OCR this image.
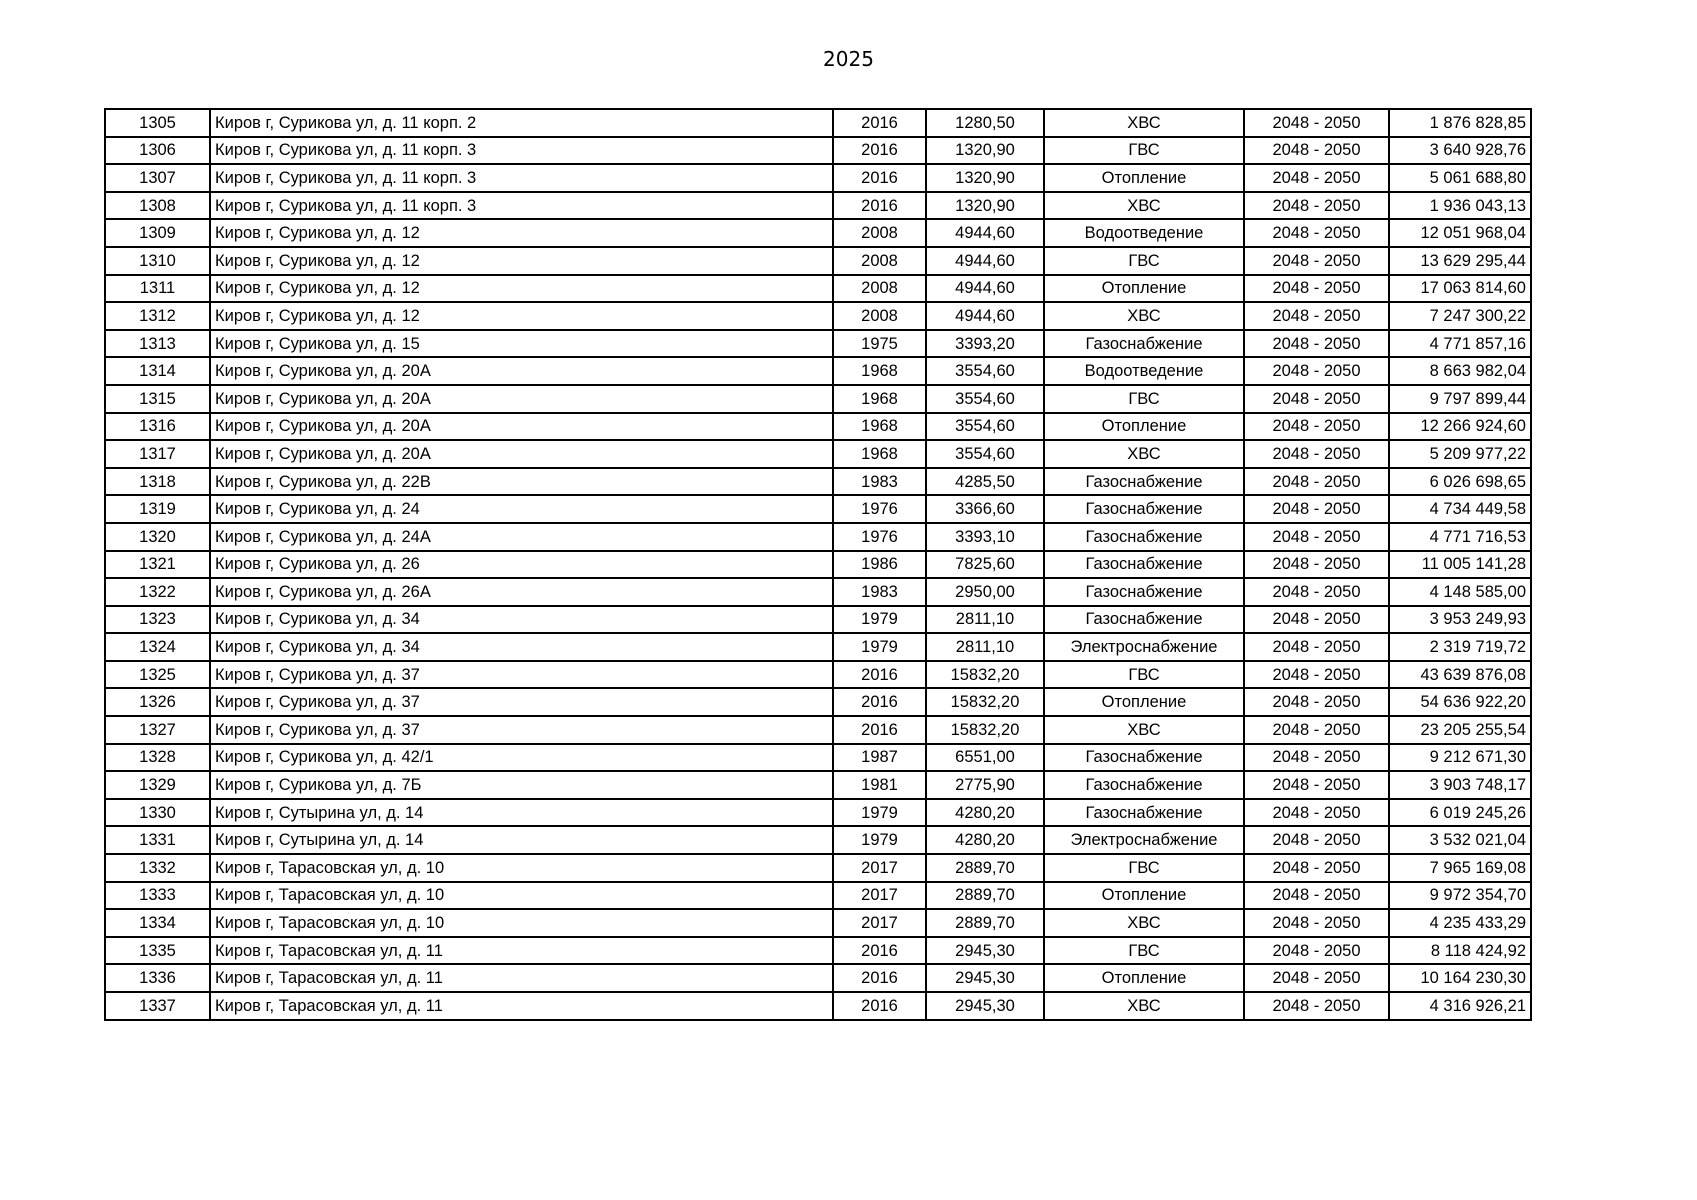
2025
1305	Киров г, Сурикова ул, д. 11 корп. 2	2016	1280,50	ХВС	2048 - 2050	1 876 828,85
1306	Киров г, Сурикова ул, д. 11 корп. 3	2016	1320,90	ГВС	2048 - 2050	3 640 928,76
1307	Киров г, Сурикова ул, д. 11 корп. 3	2016	1320,90	Отопление	2048 - 2050	5 061 688,80
1308	Киров г, Сурикова ул, д. 11 корп. 3	2016	1320,90	ХВС	2048 - 2050	1 936 043,13
1309	Киров г, Сурикова ул, д. 12	2008	4944,60	Водоотведение	2048 - 2050	12 051 968,04
1310	Киров г, Сурикова ул, д. 12	2008	4944,60	ГВС	2048 - 2050	13 629 295,44
1311	Киров г, Сурикова ул, д. 12	2008	4944,60	Отопление	2048 - 2050	17 063 814,60
1312	Киров г, Сурикова ул, д. 12	2008	4944,60	ХВС	2048 - 2050	7 247 300,22
1313	Киров г, Сурикова ул, д. 15	1975	3393,20	Газоснабжение	2048 - 2050	4 771 857,16
1314	Киров г, Сурикова ул, д. 20А	1968	3554,60	Водоотведение	2048 - 2050	8 663 982,04
1315	Киров г, Сурикова ул, д. 20А	1968	3554,60	ГВС	2048 - 2050	9 797 899,44
1316	Киров г, Сурикова ул, д. 20А	1968	3554,60	Отопление	2048 - 2050	12 266 924,60
1317	Киров г, Сурикова ул, д. 20А	1968	3554,60	ХВС	2048 - 2050	5 209 977,22
1318	Киров г, Сурикова ул, д. 22В	1983	4285,50	Газоснабжение	2048 - 2050	6 026 698,65
1319	Киров г, Сурикова ул, д. 24	1976	3366,60	Газоснабжение	2048 - 2050	4 734 449,58
1320	Киров г, Сурикова ул, д. 24А	1976	3393,10	Газоснабжение	2048 - 2050	4 771 716,53
1321	Киров г, Сурикова ул, д. 26	1986	7825,60	Газоснабжение	2048 - 2050	11 005 141,28
1322	Киров г, Сурикова ул, д. 26А	1983	2950,00	Газоснабжение	2048 - 2050	4 148 585,00
1323	Киров г, Сурикова ул, д. 34	1979	2811,10	Газоснабжение	2048 - 2050	3 953 249,93
1324	Киров г, Сурикова ул, д. 34	1979	2811,10	Электроснабжение	2048 - 2050	2 319 719,72
1325	Киров г, Сурикова ул, д. 37	2016	15832,20	ГВС	2048 - 2050	43 639 876,08
1326	Киров г, Сурикова ул, д. 37	2016	15832,20	Отопление	2048 - 2050	54 636 922,20
1327	Киров г, Сурикова ул, д. 37	2016	15832,20	ХВС	2048 - 2050	23 205 255,54
1328	Киров г, Сурикова ул, д. 42/1	1987	6551,00	Газоснабжение	2048 - 2050	9 212 671,30
1329	Киров г, Сурикова ул, д. 7Б	1981	2775,90	Газоснабжение	2048 - 2050	3 903 748,17
1330	Киров г, Сутырина ул, д. 14	1979	4280,20	Газоснабжение	2048 - 2050	6 019 245,26
1331	Киров г, Сутырина ул, д. 14	1979	4280,20	Электроснабжение	2048 - 2050	3 532 021,04
1332	Киров г, Тарасовская ул, д. 10	2017	2889,70	ГВС	2048 - 2050	7 965 169,08
1333	Киров г, Тарасовская ул, д. 10	2017	2889,70	Отопление	2048 - 2050	9 972 354,70
1334	Киров г, Тарасовская ул, д. 10	2017	2889,70	ХВС	2048 - 2050	4 235 433,29
1335	Киров г, Тарасовская ул, д. 11	2016	2945,30	ГВС	2048 - 2050	8 118 424,92
1336	Киров г, Тарасовская ул, д. 11	2016	2945,30	Отопление	2048 - 2050	10 164 230,30
1337	Киров г, Тарасовская ул, д. 11	2016	2945,30	ХВС	2048 - 2050	4 316 926,21
